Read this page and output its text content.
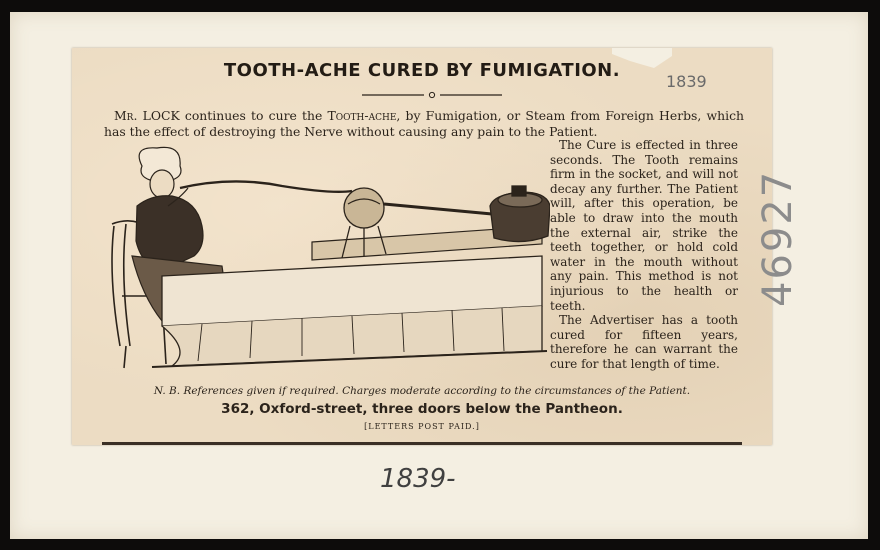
TOOTH-ACHE CURED BY FUMIGATION.
Mr. LOCK continues to cure the Tooth-ache, by Fumigation, or Steam from Foreign Herbs, which has the effect of destroying the Nerve without causing any pain to the Patient.

The Cure is effected in three seconds. The Tooth remains firm in the socket, and will not decay any further. The Patient will, after this operation, be able to draw into the mouth the external air, strike the teeth together, or hold cold water in the mouth without any pain. This method is not injurious to the health or teeth.

The Advertiser has a tooth cured for fifteen years, therefore he can warrant the cure for that length of time.

N. B. References given if required. Charges moderate according to the circumstances of the Patient.
362, Oxford-street, three doors below the Pantheon.
[LETTERS POST PAID.]
1839
46927
1839-
